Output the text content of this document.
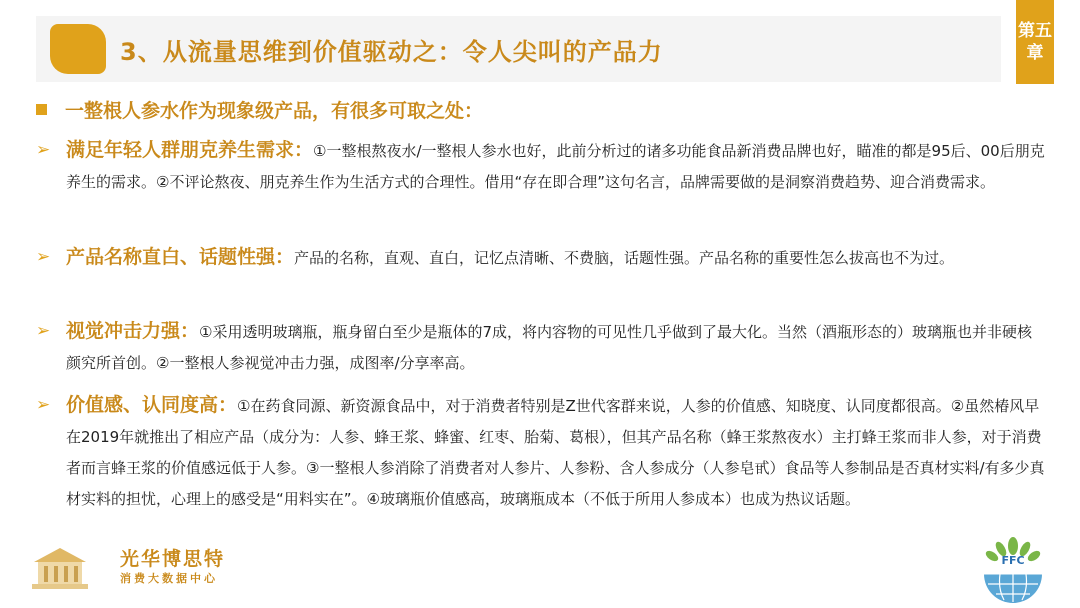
3、从流量思维到价值驱动之：令人尖叫的产品力
第五章
一整根人参水作为现象级产品，有很多可取之处：
➢ 满足年轻人群朋克养生需求：①一整根熬夜水/一整根人参水也好，此前分析过的诸多功能食品新消费品牌也好，瞄准的都是95后、00后朋克养生的需求。②不评论熬夜、朋克养生作为生活方式的合理性。借用“存在即合理”这句名言，品牌需要做的是洞察消费趋势、迎合消费需求。
➢ 产品名称直白、话题性强：产品的名称，直观、直白，记忆点清晰、不费脑，话题性强。产品名称的重要性怎么拔高也不为过。
➢ 视觉冲击力强：①采用透明玻璃瓶，瓶身留白至少是瓶体的7成，将内容物的可见性几乎做到了最大化。当然（酒瓶形态的）玻璃瓶也并非硬核颜究所首创。②一整根人参视觉冲击力强，成图率/分享率高。
➢ 价值感、认同度高：①在药食同源、新资源食品中，对于消费者特别是Z世代客群来说，人参的价值感、知晓度、认同度都很高。②虽然椿风早在2019年就推出了相应产品（成分为：人参、蜂王浆、蜂蜜、红枣、胎菊、葛根），但其产品名称（蜂王浆熬夜水）主打蜂王浆而非人参，对于消费者而言蜂王浆的价值感远低于人参。③一整根人参消除了消费者对人参片、人参粉、含人参成分（人参皂甙）食品等人参制品是否真材实料/有多少真材实料的担忧，心理上的感受是“用料实在”。④玻璃瓶价值感高，玻璃瓶成本（不低于所用人参成本）也成为热议话题。
光华博思特
消费大数据中心
FFC
